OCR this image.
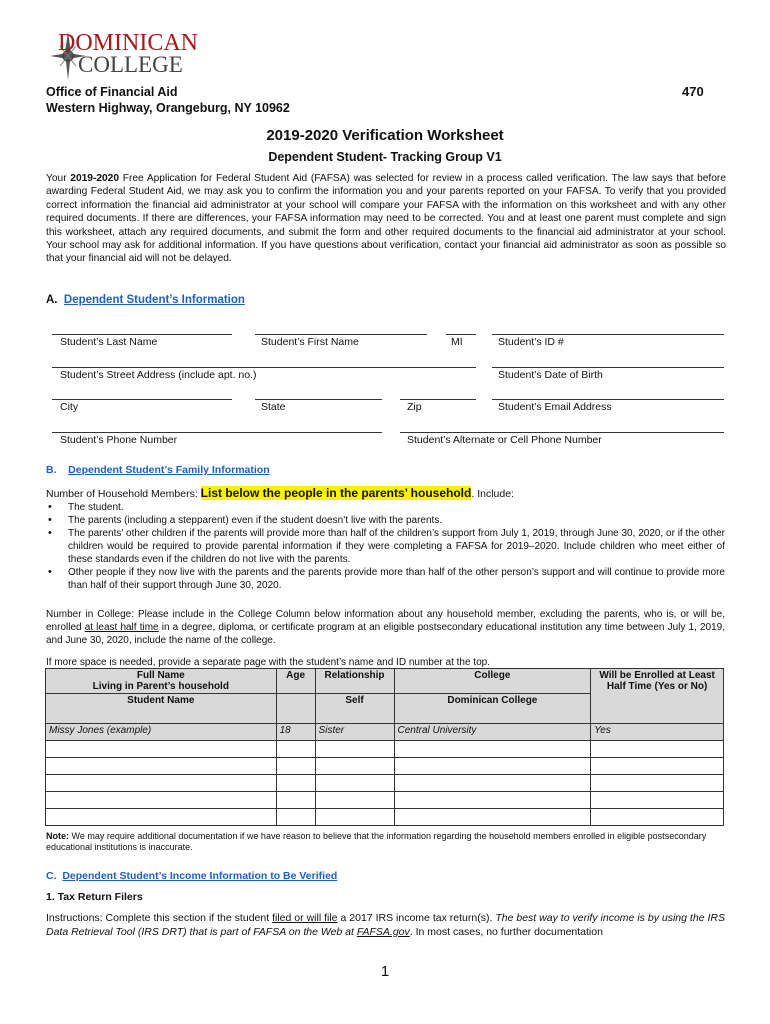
DOMINICAN
COLLEGE
Office of Financial Aid
Western Highway, Orangeburg, NY 10962
470
2019-2020 Verification Worksheet
Dependent Student- Tracking Group V1
Your 2019-2020 Free Application for Federal Student Aid (FAFSA) was selected for review in a process called verification. The law says that before awarding Federal Student Aid, we may ask you to confirm the information you and your parents reported on your FAFSA. To verify that you provided correct information the financial aid administrator at your school will compare your FAFSA with the information on this worksheet and with any other required documents. If there are differences, your FAFSA information may need to be corrected. You and at least one parent must complete and sign this worksheet, attach any required documents, and submit the form and other required documents to the financial aid administrator at your school. Your school may ask for additional information. If you have questions about verification, contact your financial aid administrator as soon as possible so that your financial aid will not be delayed.
A. Dependent Student’s Information
Student’s Last Name	Student’s First Name	MI	Student’s ID #
Student’s Street Address (include apt. no.)	Student’s Date of Birth
City	State	Zip	Student’s Email Address
Student’s Phone Number	Student’s Alternate or Cell Phone Number
B. Dependent Student’s Family Information
Number of Household Members: List below the people in the parents’ household. Include:
• The student.
• The parents (including a stepparent) even if the student doesn’t live with the parents.
• The parents’ other children if the parents will provide more than half of the children’s support from July 1, 2019, through June 30, 2020, or if the other children would be required to provide parental information if they were completing a FAFSA for 2019–2020. Include children who meet either of these standards even if the children do not live with the parents.
• Other people if they now live with the parents and the parents provide more than half of the other person’s support and will continue to provide more than half of their support through June 30, 2020.
Number in College: Please include in the College Column below information about any household member, excluding the parents, who is, or will be, enrolled at least half time in a degree, diploma, or certificate program at an eligible postsecondary educational institution any time between July 1, 2019, and June 30, 2020, include the name of the college.
If more space is needed, provide a separate page with the student’s name and ID number at the top.
Full Name
Living in Parent’s household	Age	Relationship	College	Will be Enrolled at Least Half Time (Yes or No)
Student Name		Self	Dominican College	
Missy Jones (example)	18	Sister	Central University	Yes

Note: We may require additional documentation if we have reason to believe that the information regarding the household members enrolled in eligible postsecondary educational institutions is inaccurate.
C. Dependent Student’s Income Information to Be Verified
1. Tax Return Filers
Instructions: Complete this section if the student filed or will file a 2017 IRS income tax return(s). The best way to verify income is by using the IRS Data Retrieval Tool (IRS DRT) that is part of FAFSA on the Web at FAFSA.gov. In most cases, no further documentation
1
